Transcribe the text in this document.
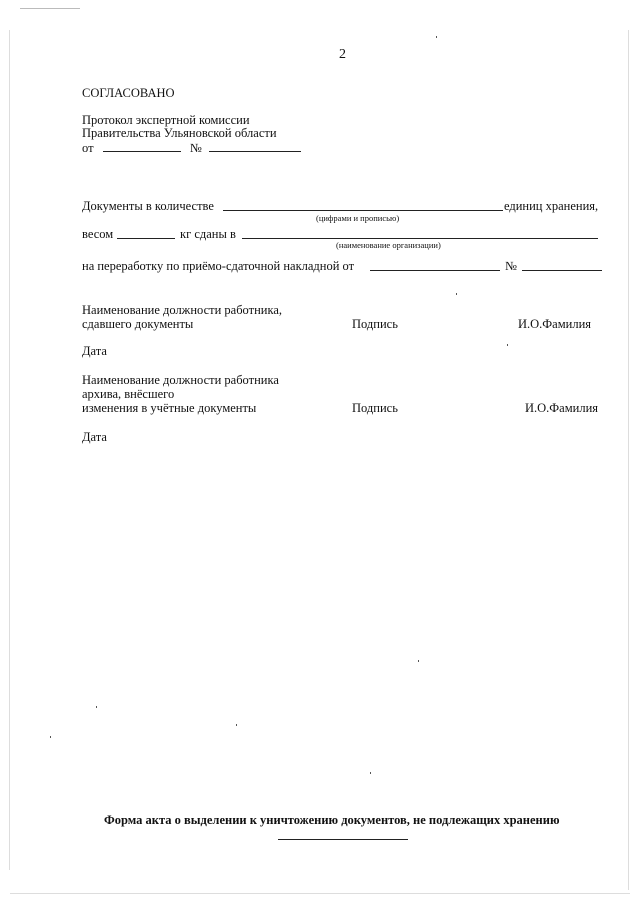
2
СОГЛАСОВАНО
Протокол экспертной комиссии
Правительства Ульяновской области
от	№
Документы в количестве	единиц хранения,
(цифрами и прописью)
весом	кг сданы в
(наименование организации)
на переработку по приёмо-сдаточной накладной от	№
Наименование должности работника,
сдавшего документы	Подпись	И.О.Фамилия
Дата
Наименование должности работника
архива, внёсшего
изменения в учётные документы	Подпись	И.О.Фамилия
Дата
Форма акта о выделении к уничтожению документов, не подлежащих хранению
